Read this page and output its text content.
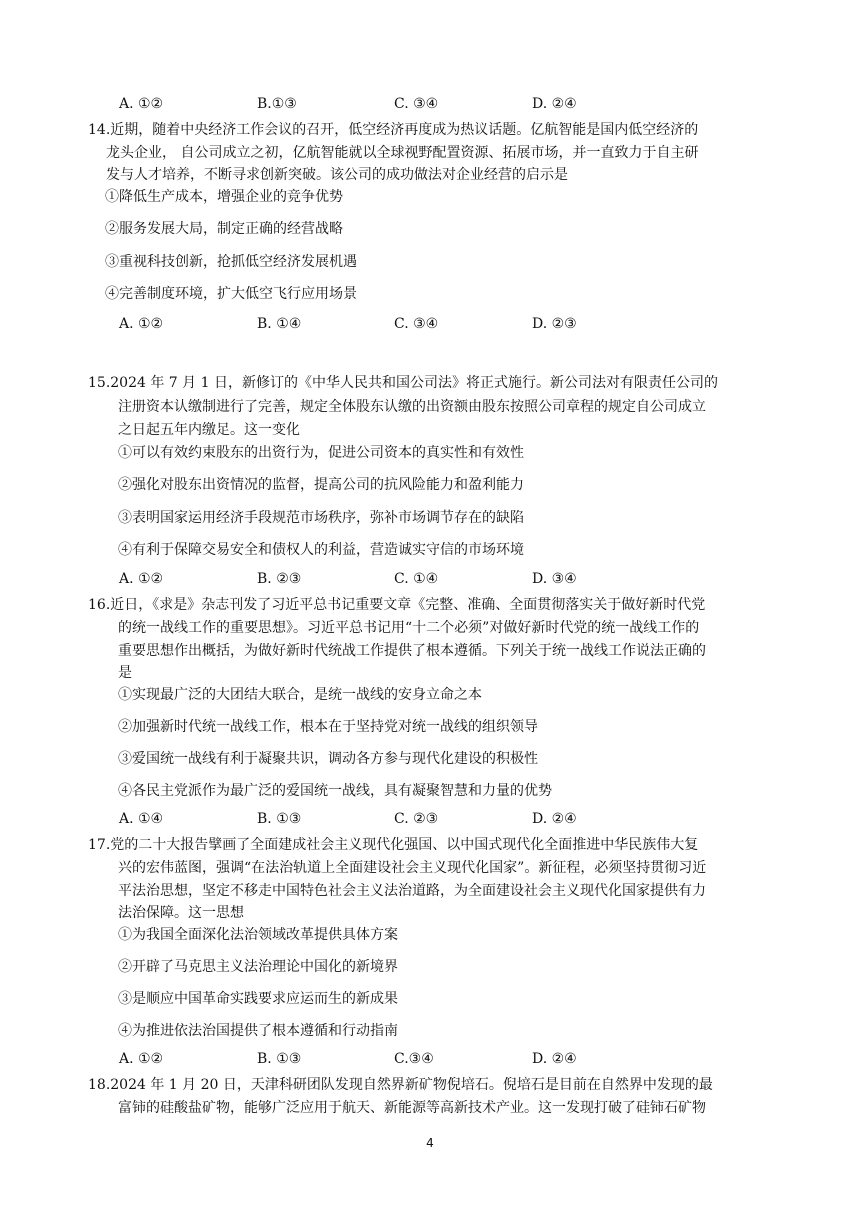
A. ①②	B.①③	C. ③④	D. ②④
14.近期，随着中央经济工作会议的召开，低空经济再度成为热议话题。亿航智能是国内低空经济的
龙头企业， 自公司成立之初，亿航智能就以全球视野配置资源、拓展市场，并一直致力于自主研
发与人才培养，不断寻求创新突破。该公司的成功做法对企业经营的启示是
①降低生产成本，增强企业的竞争优势
②服务发展大局，制定正确的经营战略
③重视科技创新，抢抓低空经济发展机遇
④完善制度环境，扩大低空飞行应用场景
A. ①②	B. ①④	C. ③④	D. ②③
15.2024 年 7 月 1 日，新修订的《中华人民共和国公司法》将正式施行。新公司法对有限责任公司的
注册资本认缴制进行了完善，规定全体股东认缴的出资额由股东按照公司章程的规定自公司成立
之日起五年内缴足。这一变化
①可以有效约束股东的出资行为，促进公司资本的真实性和有效性
②强化对股东出资情况的监督，提高公司的抗风险能力和盈利能力
③表明国家运用经济手段规范市场秩序，弥补市场调节存在的缺陷
④有利于保障交易安全和债权人的利益，营造诚实守信的市场环境
A. ①②	B. ②③	C. ①④	D. ③④
16.近日，《求是》杂志刊发了习近平总书记重要文章《完整、准确、全面贯彻落实关于做好新时代党
的统一战线工作的重要思想》。习近平总书记用“十二个必须”对做好新时代党的统一战线工作的
重要思想作出概括，为做好新时代统战工作提供了根本遵循。下列关于统一战线工作说法正确的
是
①实现最广泛的大团结大联合，是统一战线的安身立命之本
②加强新时代统一战线工作，根本在于坚持党对统一战线的组织领导
③爱国统一战线有利于凝聚共识，调动各方参与现代化建设的积极性
④各民主党派作为最广泛的爱国统一战线，具有凝聚智慧和力量的优势
A. ①④	B. ①③	C. ②③	D. ②④
17.党的二十大报告擘画了全面建成社会主义现代化强国、以中国式现代化全面推进中华民族伟大复
兴的宏伟蓝图，强调“在法治轨道上全面建设社会主义现代化国家”。新征程，必须坚持贯彻习近
平法治思想，坚定不移走中国特色社会主义法治道路，为全面建设社会主义现代化国家提供有力
法治保障。这一思想
①为我国全面深化法治领域改革提供具体方案
②开辟了马克思主义法治理论中国化的新境界
③是顺应中国革命实践要求应运而生的新成果
④为推进依法治国提供了根本遵循和行动指南
A. ①②	B. ①③	C.③④	D. ②④
18.2024 年 1 月 20 日，天津科研团队发现自然界新矿物倪培石。倪培石是目前在自然界中发现的最
富铈的硅酸盐矿物，能够广泛应用于航天、新能源等高新技术产业。这一发现打破了硅铈石矿物
4
